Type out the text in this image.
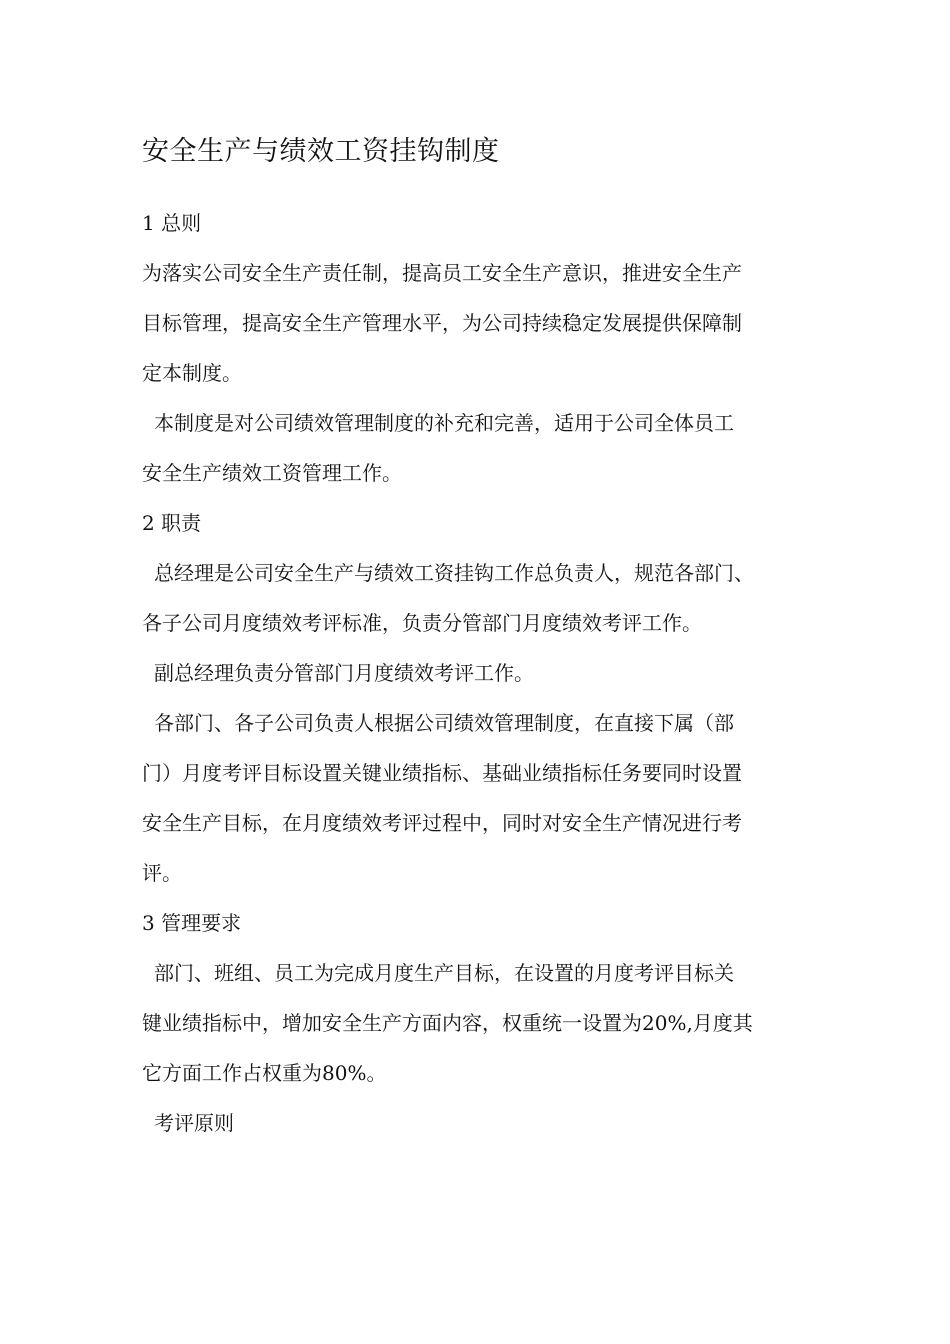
安全生产与绩效工资挂钩制度
1 总则
为落实公司安全生产责任制，提高员工安全生产意识，推进安全生产
目标管理，提高安全生产管理水平，为公司持续稳定发展提供保障制
定本制度。
本制度是对公司绩效管理制度的补充和完善，适用于公司全体员工
安全生产绩效工资管理工作。
2 职责
总经理是公司安全生产与绩效工资挂钩工作总负责人，规范各部门、
各子公司月度绩效考评标准，负责分管部门月度绩效考评工作。
副总经理负责分管部门月度绩效考评工作。
各部门、各子公司负责人根据公司绩效管理制度，在直接下属（部
门）月度考评目标设置关键业绩指标、基础业绩指标任务要同时设置
安全生产目标，在月度绩效考评过程中，同时对安全生产情况进行考
评。
3 管理要求
部门、班组、员工为完成月度生产目标，在设置的月度考评目标关
键业绩指标中，增加安全生产方面内容，权重统一设置为20%,月度其
它方面工作占权重为80%。
考评原则
